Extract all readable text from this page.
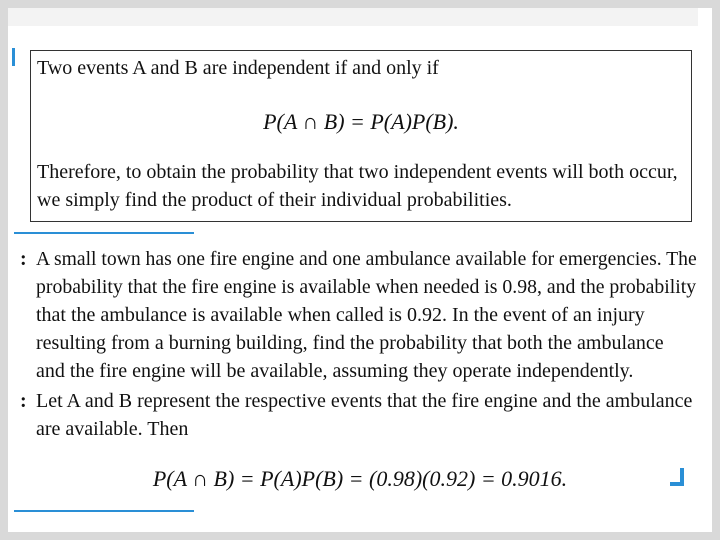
Two events A and B are independent if and only if
P(A ∩ B) = P(A)P(B).
Therefore, to obtain the probability that two independent events will both occur,
we simply find the product of their individual probabilities.
:
:
A small town has one fire engine and one ambulance available for emergencies. The
probability that the fire engine is available when needed is 0.98, and the probability
that the ambulance is available when called is 0.92. In the event of an injury
resulting from a burning building, find the probability that both the ambulance
and the fire engine will be available, assuming they operate independently.
Let A and B represent the respective events that the fire engine and the ambulance
are available. Then
P(A ∩ B) = P(A)P(B) = (0.98)(0.92) = 0.9016.
